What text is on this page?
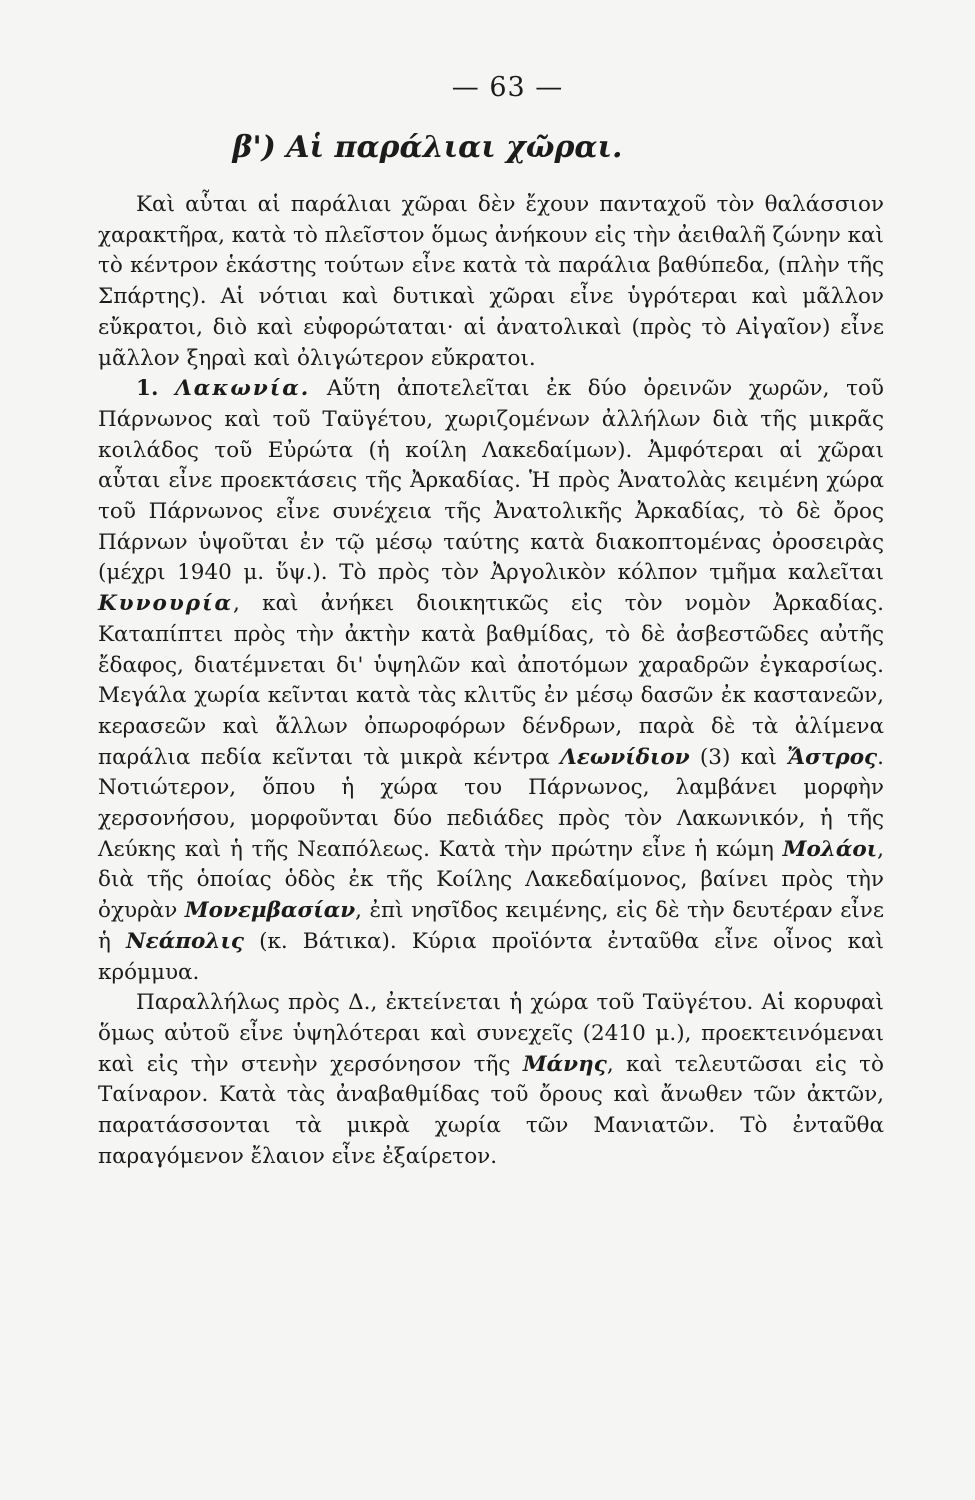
— 63 —
β') Αἱ παράλιαι χῶραι.

Καὶ αὗται αἱ παράλιαι χῶραι δὲν ἔχουν πανταχοῦ τὸν θαλάσσιον χαρακτῆρα, κατὰ τὸ πλεῖστον ὅμως ἀνήκουν εἰς τὴν ἀειθαλῆ ζώνην καὶ τὸ κέντρον ἑκάστης τούτων εἶνε κατὰ τὰ παράλια βαθύπεδα, (πλὴν τῆς Σπάρτης). Αἱ νότιαι καὶ δυτικαὶ χῶραι εἶνε ὑγρότεραι καὶ μᾶλλον εὔκρατοι, διὸ καὶ εὐφορώταται· αἱ ἀνατολικαὶ (πρὸς τὸ Αἰγαῖον) εἶνε μᾶλλον ξηραὶ καὶ ὀλιγώτερον εὔκρατοι.

1. Λακωνία. Αὕτη ἀποτελεῖται ἐκ δύο ὀρεινῶν χωρῶν, τοῦ Πάρνωνος καὶ τοῦ Ταϋγέτου, χωριζομένων ἀλλήλων διὰ τῆς μικρᾶς κοιλάδος τοῦ Εὐρώτα (ἡ κοίλη Λακεδαίμων). Ἀμφότεραι αἱ χῶραι αὗται εἶνε προεκτάσεις τῆς Ἀρκαδίας. Ἡ πρὸς Ἀνατολὰς κειμένη χώρα τοῦ Πάρνωνος εἶνε συνέχεια τῆς Ἀνατολικῆς Ἀρκαδίας, τὸ δὲ ὄρος Πάρνων ὑψοῦται ἐν τῷ μέσῳ ταύτης κατὰ διακοπτομένας ὀροσειρὰς (μέχρι 1940 μ. ὕψ.). Τὸ πρὸς τὸν Ἀργολικὸν κόλπον τμῆμα καλεῖται Κυνουρία, καὶ ἀνήκει διοικητικῶς εἰς τὸν νομὸν Ἀρκαδίας. Καταπίπτει πρὸς τὴν ἀκτὴν κατὰ βαθμίδας, τὸ δὲ ἀσβεστῶδες αὐτῆς ἔδαφος, διατέμνεται δι' ὑψηλῶν καὶ ἀποτόμων χαραδρῶν ἐγκαρσίως. Μεγάλα χωρία κεῖνται κατὰ τὰς κλιτῦς ἐν μέσῳ δασῶν ἐκ καστανεῶν, κερασεῶν καὶ ἄλλων ὀπωροφόρων δένδρων, παρὰ δὲ τὰ ἀλίμενα παράλια πεδία κεῖνται τὰ μικρὰ κέντρα Λεωνίδιον (3) καὶ Ἄστρος. Νοτιώτερον, ὅπου ἡ χώρα του Πάρνωνος, λαμβάνει μορφὴν χερσονήσου, μορφοῦνται δύο πεδιάδες πρὸς τὸν Λακωνικόν, ἡ τῆς Λεύκης καὶ ἡ τῆς Νεαπόλεως. Κατὰ τὴν πρώτην εἶνε ἡ κώμη Μολάοι, διὰ τῆς ὁποίας ὁδὸς ἐκ τῆς Κοίλης Λακεδαίμονος, βαίνει πρὸς τὴν ὀχυρὰν Μονεμβασίαν, ἐπὶ νησῖδος κειμένης, εἰς δὲ τὴν δευτέραν εἶνε ἡ Νεάπολις (κ. Βάτικα). Κύρια προϊόντα ἐνταῦθα εἶνε οἶνος καὶ κρόμμυα.

Παραλλήλως πρὸς Δ., ἐκτείνεται ἡ χώρα τοῦ Ταϋγέτου. Αἱ κορυφαὶ ὅμως αὐτοῦ εἶνε ὑψηλότεραι καὶ συνεχεῖς (2410 μ.), προεκτεινόμεναι καὶ εἰς τὴν στενὴν χερσόνησον τῆς Μάνης, καὶ τελευτῶσαι εἰς τὸ Ταίναρον. Κατὰ τὰς ἀναβαθμίδας τοῦ ὄρους καὶ ἄνωθεν τῶν ἀκτῶν, παρατάσσονται τὰ μικρὰ χωρία τῶν Μανιατῶν. Τὸ ἐνταῦθα παραγόμενον ἔλαιον εἶνε ἐξαίρετον.
